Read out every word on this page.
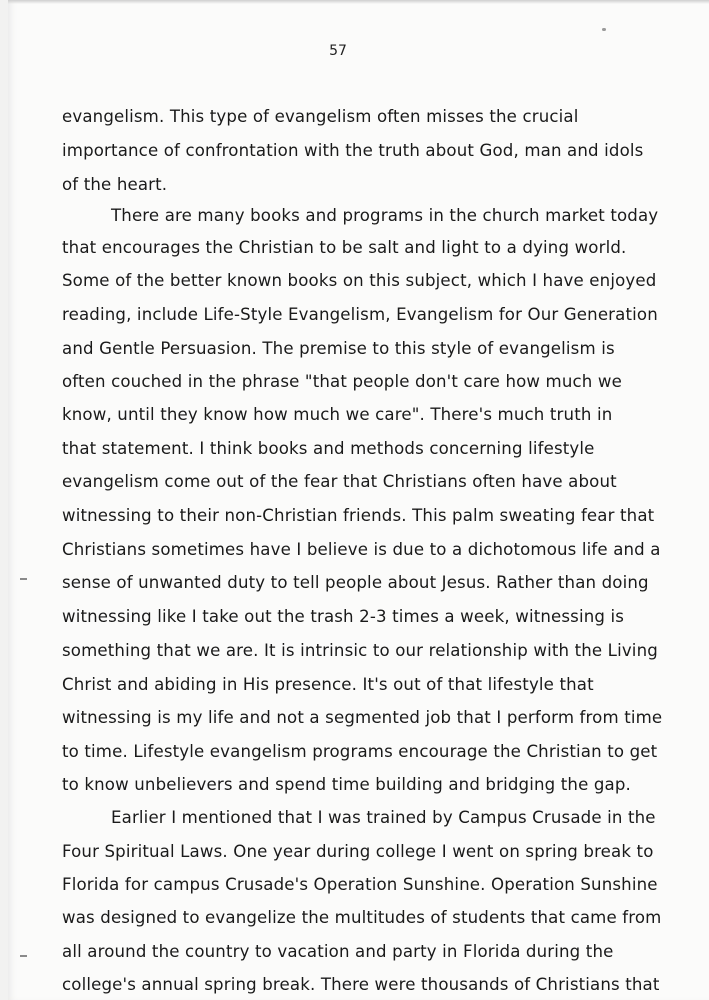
57
evangelism. This type of evangelism often misses the crucial
importance of confrontation with the truth about God, man and idols
of the heart.
There are many books and programs in the church market today
that encourages the Christian to be salt and light to a dying world.
Some of the better known books on this subject, which I have enjoyed
reading, include Life-Style Evangelism, Evangelism for Our Generation
and Gentle Persuasion. The premise to this style of evangelism is
often couched in the phrase "that people don't care how much we
know, until they know how much we care". There's much truth in
that statement. I think books and methods concerning lifestyle
evangelism come out of the fear that Christians often have about
witnessing to their non-Christian friends. This palm sweating fear that
Christians sometimes have I believe is due to a dichotomous life and a
sense of unwanted duty to tell people about Jesus. Rather than doing
witnessing like I take out the trash 2-3 times a week, witnessing is
something that we are. It is intrinsic to our relationship with the Living
Christ and abiding in His presence. It's out of that lifestyle that
witnessing is my life and not a segmented job that I perform from time
to time. Lifestyle evangelism programs encourage the Christian to get
to know unbelievers and spend time building and bridging the gap.
Earlier I mentioned that I was trained by Campus Crusade in the
Four Spiritual Laws. One year during college I went on spring break to
Florida for campus Crusade's Operation Sunshine. Operation Sunshine
was designed to evangelize the multitudes of students that came from
all around the country to vacation and party in Florida during the
college's annual spring break. There were thousands of Christians that
